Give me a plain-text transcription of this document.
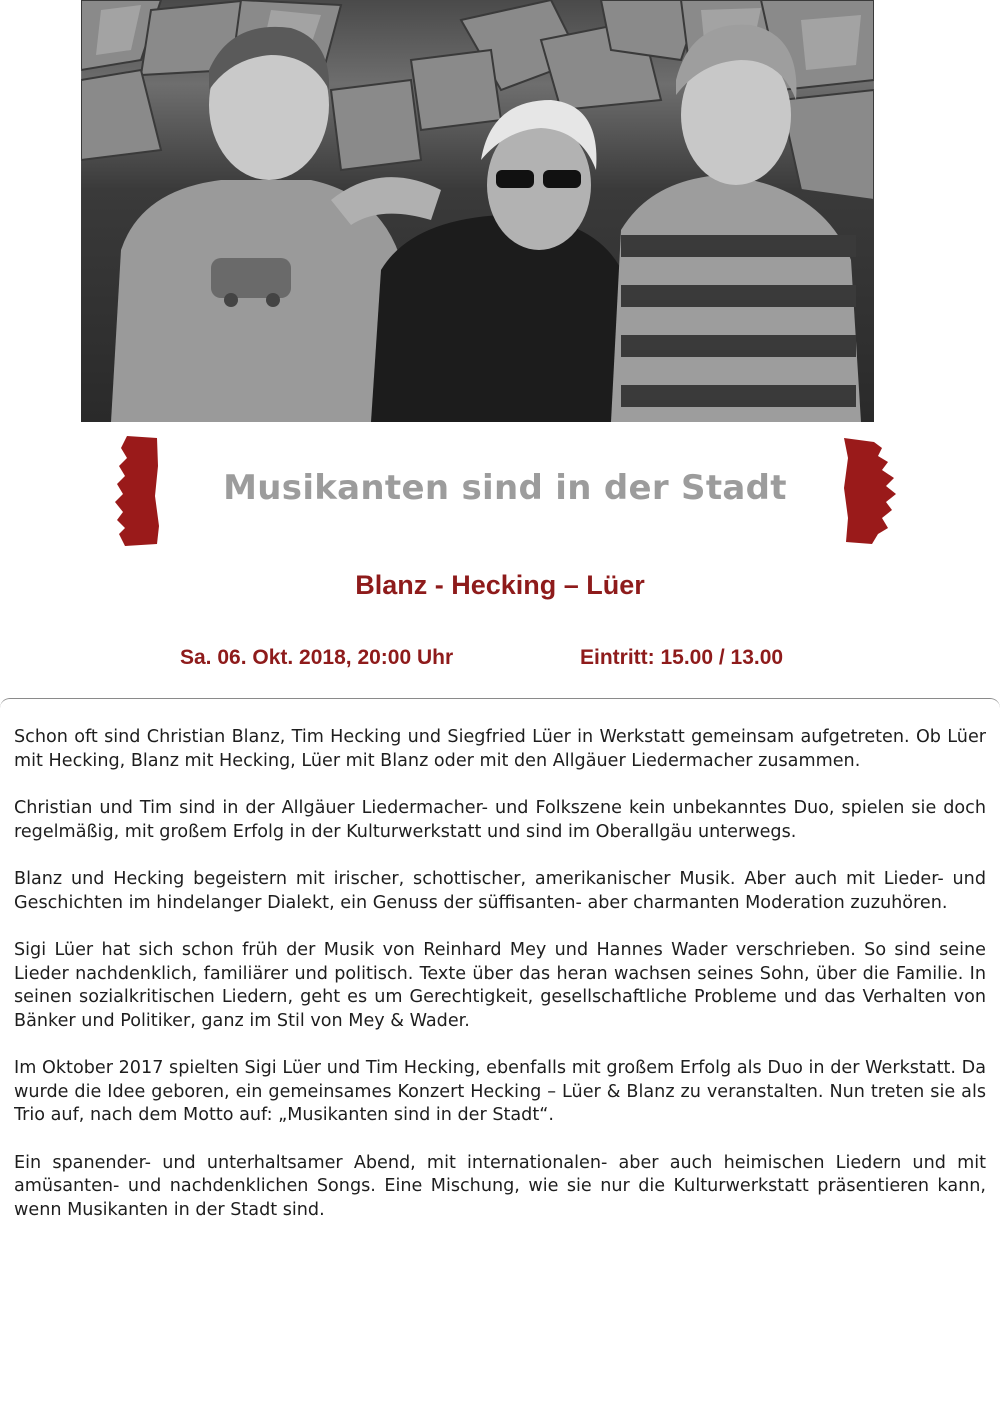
Musikanten sind in der Stadt
Blanz - Hecking – Lüer
Sa. 06. Okt. 2018, 20:00 Uhr	Eintritt: 15.00 / 13.00

Schon oft sind Christian Blanz, Tim Hecking und Siegfried Lüer in Werkstatt gemeinsam aufgetreten. Ob Lüer mit Hecking, Blanz mit Hecking, Lüer mit Blanz oder mit den Allgäuer Liedermacher zusammen.

Christian und Tim sind in der Allgäuer Liedermacher- und Folkszene kein unbekanntes Duo, spielen sie doch regelmäßig, mit großem Erfolg in der Kulturwerkstatt und sind im Oberallgäu unterwegs.

Blanz und Hecking begeistern mit irischer, schottischer, amerikanischer Musik. Aber auch mit Lieder- und Geschichten im hindelanger Dialekt, ein Genuss der süffisanten- aber charmanten Moderation zuzuhören.

Sigi Lüer hat sich schon früh der Musik von Reinhard Mey und Hannes Wader verschrieben. So sind seine Lieder nachdenklich, familiärer und politisch. Texte über das heran wachsen seines Sohn, über die Familie. In seinen sozialkritischen Liedern, geht es um Gerechtigkeit, gesellschaftliche Probleme und das Verhalten von Bänker und Politiker, ganz im Stil von Mey & Wader.

Im Oktober 2017 spielten Sigi Lüer und Tim Hecking, ebenfalls mit großem Erfolg als Duo in der Werkstatt. Da wurde die Idee geboren, ein gemeinsames Konzert Hecking – Lüer & Blanz zu veranstalten. Nun treten sie als Trio auf, nach dem Motto auf: „Musikanten sind in der Stadt“.

Ein spanender- und unterhaltsamer Abend, mit internationalen- aber auch heimischen Liedern und mit amüsanten- und nachdenklichen Songs. Eine Mischung, wie sie nur die Kulturwerkstatt präsentieren kann, wenn Musikanten in der Stadt sind.
